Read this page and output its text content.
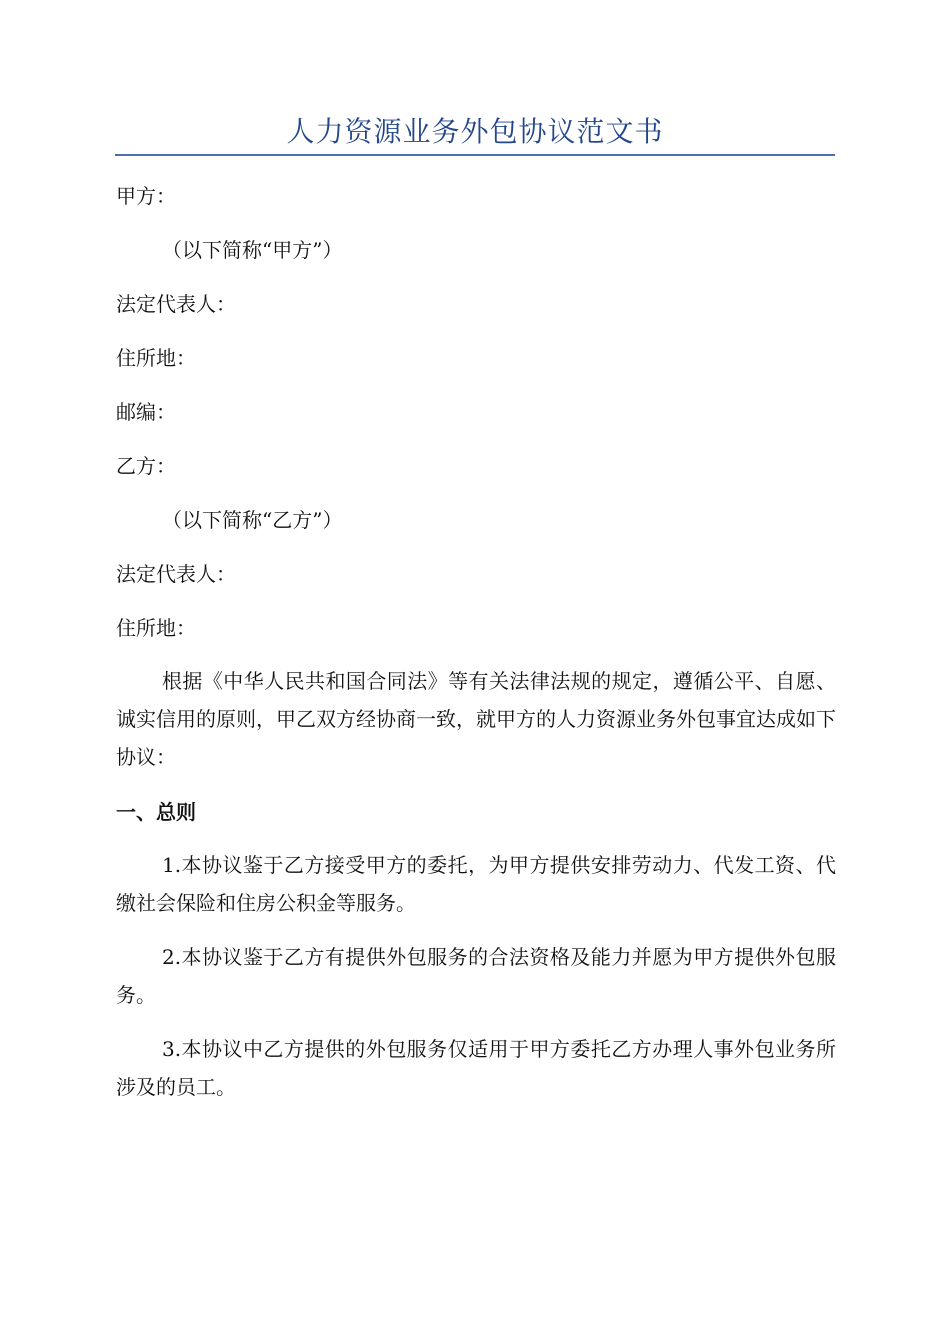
人力资源业务外包协议范文书

甲方：

（以下简称“甲方”）

法定代表人：

住所地：

邮编：

乙方：

（以下简称“乙方”）

法定代表人：

住所地：

根据《中华人民共和国合同法》等有关法律法规的规定，遵循公平、自愿、诚实信用的原则，甲乙双方经协商一致，就甲方的人力资源业务外包事宜达成如下协议：

一、总则

1.本协议鉴于乙方接受甲方的委托，为甲方提供安排劳动力、代发工资、代缴社会保险和住房公积金等服务。

2.本协议鉴于乙方有提供外包服务的合法资格及能力并愿为甲方提供外包服务。

3.本协议中乙方提供的外包服务仅适用于甲方委托乙方办理人事外包业务所涉及的员工。
